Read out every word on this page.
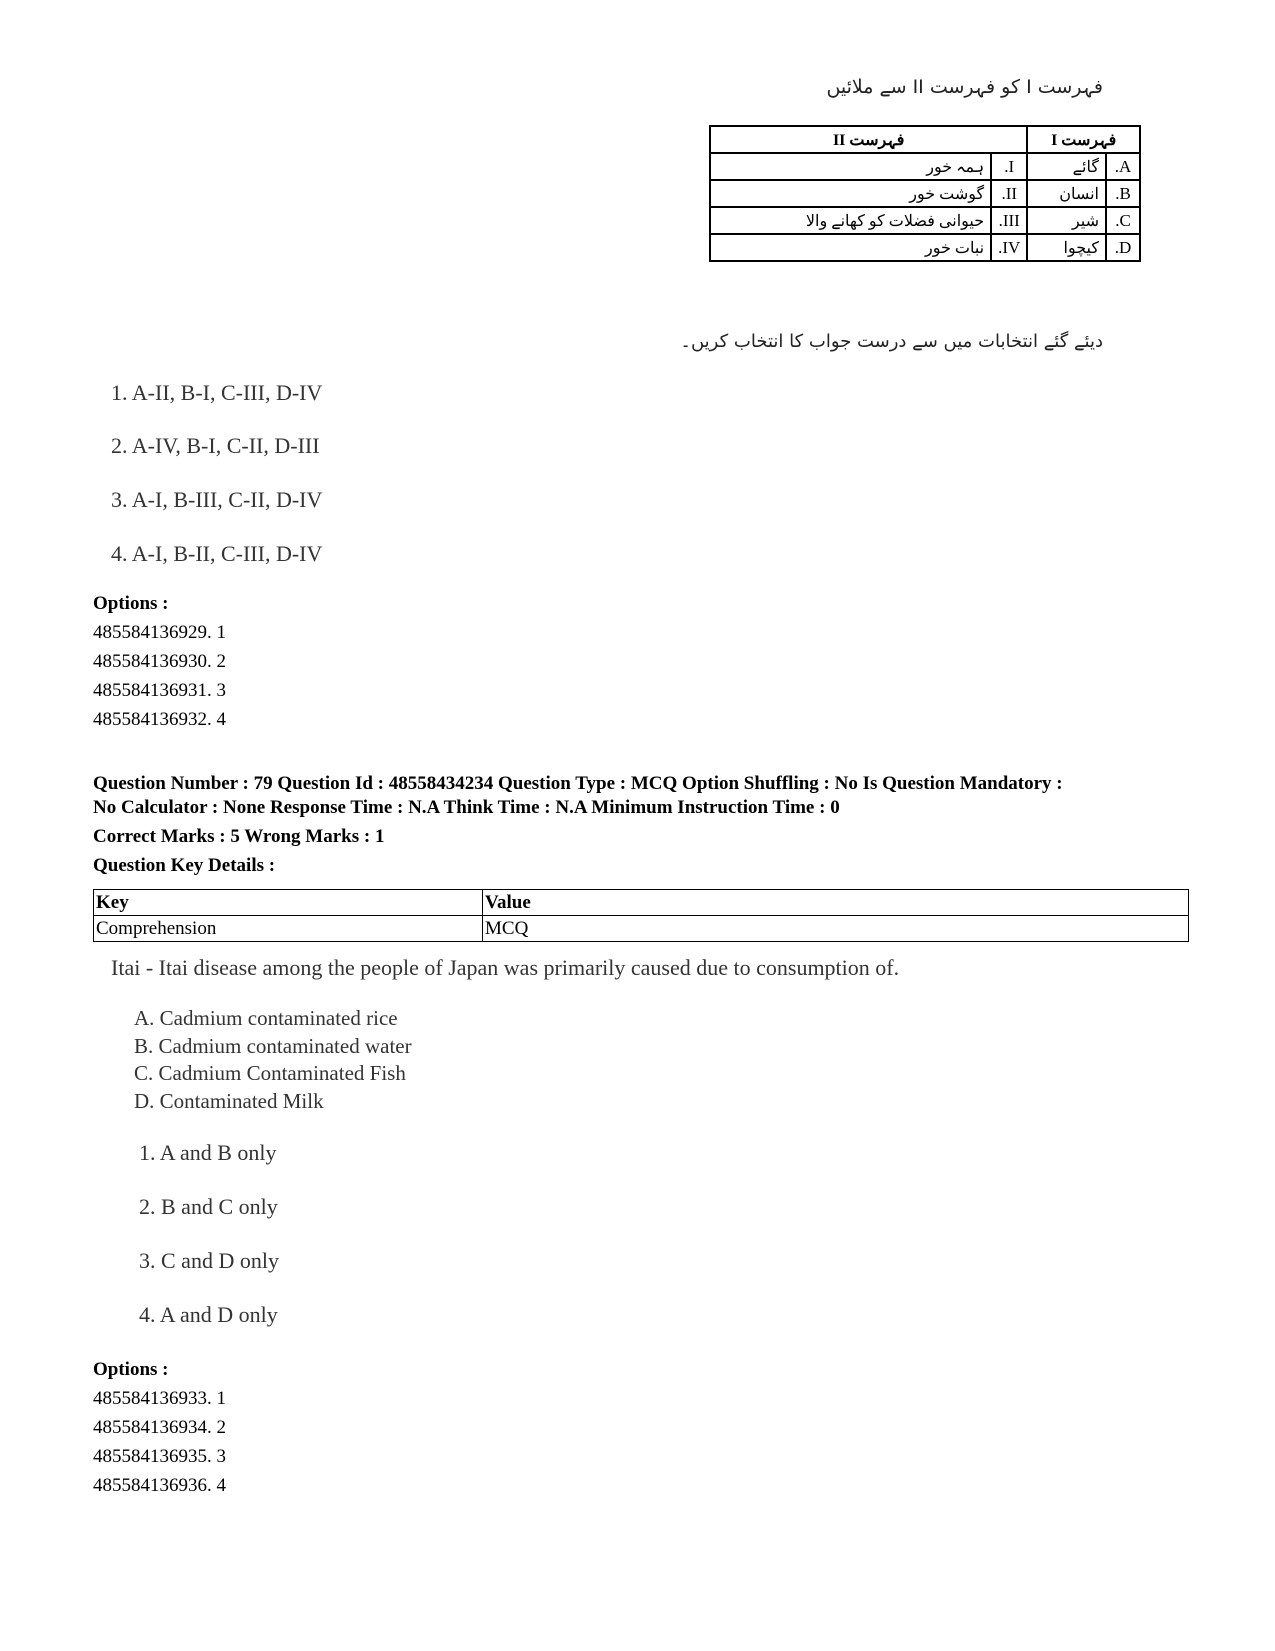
فہرست I کو فہرست II سے ملائیں
فہرست I		فہرست II	
A.	گائے	I.	ہمہ خور
B.	انسان	II.	گوشت خور
C.	شیر	III.	حیوانی فضلات کو کھانے والا
D.	کیچوا	IV.	نبات خور
دیئے گئے انتخابات میں سے درست جواب کا انتخاب کریں۔
1. A-II, B-I, C-III, D-IV
2. A-IV, B-I, C-II, D-III
3. A-I, B-III, C-II, D-IV
4. A-I, B-II, C-III, D-IV
Options :
485584136929. 1
485584136930. 2
485584136931. 3
485584136932. 4
Question Number : 79 Question Id : 48558434234 Question Type : MCQ Option Shuffling : No Is Question Mandatory :
No Calculator : None Response Time : N.A Think Time : N.A Minimum Instruction Time : 0
Correct Marks : 5 Wrong Marks : 1
Question Key Details :
Key	Value
Comprehension	MCQ
Itai - Itai disease among the people of Japan was primarily caused due to consumption of.
A. Cadmium contaminated rice
B. Cadmium contaminated water
C. Cadmium Contaminated Fish
D. Contaminated Milk
1. A and B only
2. B and C only
3. C and D only
4. A and D only
Options :
485584136933. 1
485584136934. 2
485584136935. 3
485584136936. 4
